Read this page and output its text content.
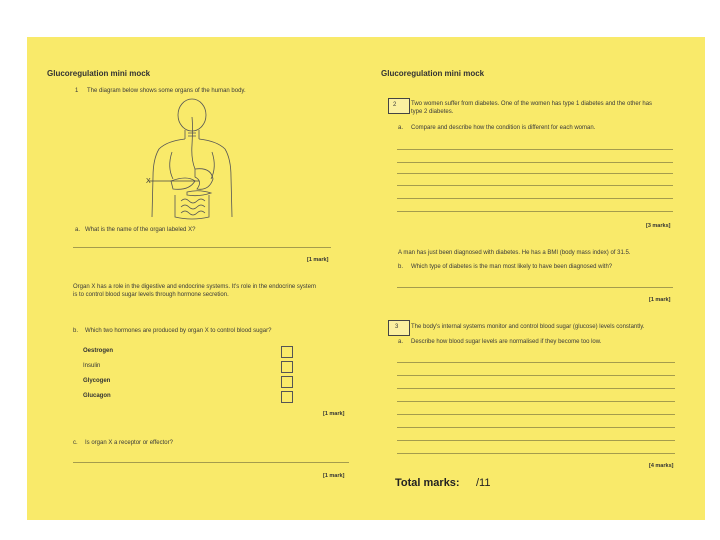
Glucoregulation mini mock
1 The diagram below shows some organs of the human body.
X
a. What is the name of the organ labeled X?
[1 mark]
Organ X has a role in the digestive and endocrine systems. It's role in the endocrine system
is to control blood sugar levels through hormone secretion.
b. Which two hormones are produced by organ X to control blood sugar?
Oestrogen
Insulin
Glycogen
Glucagon
[1 mark]
c. Is organ X a receptor or effector?
[1 mark]
Glucoregulation mini mock
2 Two women suffer from diabetes. One of the women has type 1 diabetes and the other has
type 2 diabetes.
a. Compare and describe how the condition is different for each woman.
[3 marks]
A man has just been diagnosed with diabetes. He has a BMI (body mass index) of 31.5.
b. Which type of diabetes is the man most likely to have been diagnosed with?
[1 mark]
3 The body's internal systems monitor and control blood sugar (glucose) levels constantly.
a. Describe how blood sugar levels are normalised if they become too low.
[4 marks]
Total marks: /11
